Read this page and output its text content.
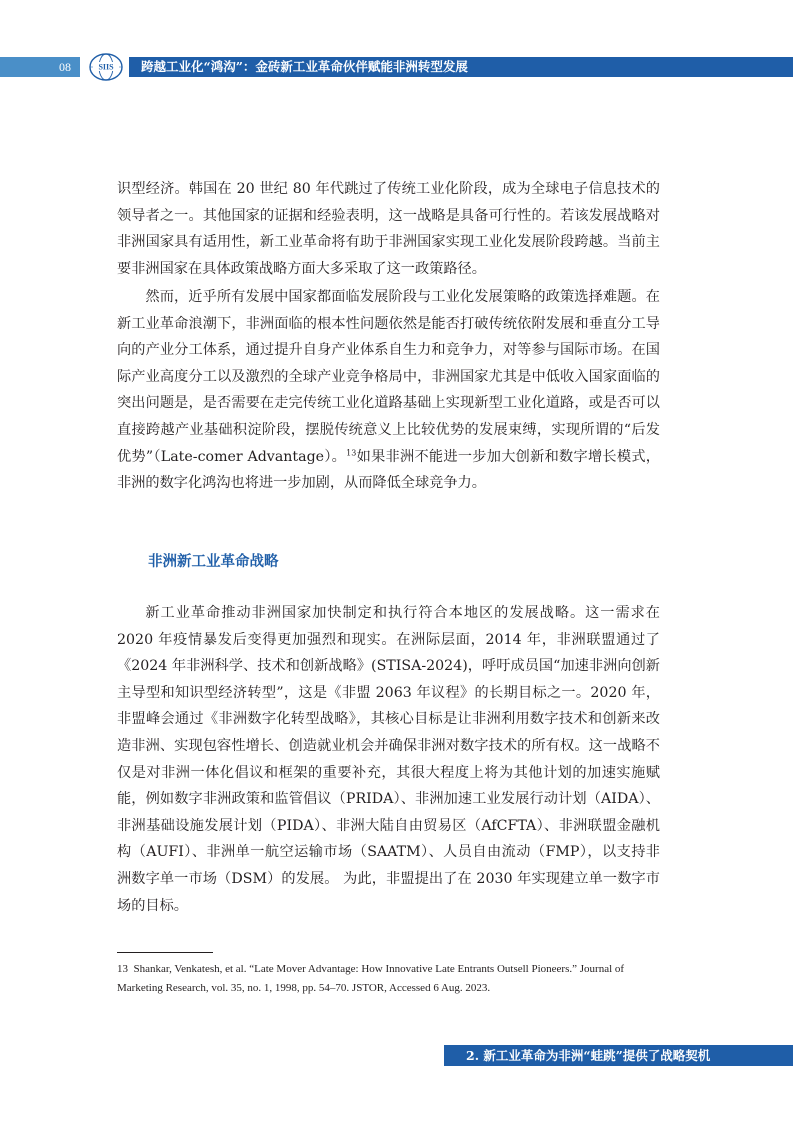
08	SIIS	跨越工业化“鸿沟”：金砖新工业革命伙伴赋能非洲转型发展

识型经济。韩国在 20 世纪 80 年代跳过了传统工业化阶段，成为全球电子信息技术的领导者之一。其他国家的证据和经验表明，这一战略是具备可行性的。若该发展战略对非洲国家具有适用性，新工业革命将有助于非洲国家实现工业化发展阶段跨越。当前主要非洲国家在具体政策战略方面大多采取了这一政策路径。

然而，近乎所有发展中国家都面临发展阶段与工业化发展策略的政策选择难题。在新工业革命浪潮下，非洲面临的根本性问题依然是能否打破传统依附发展和垂直分工导向的产业分工体系，通过提升自身产业体系自生力和竞争力，对等参与国际市场。在国际产业高度分工以及激烈的全球产业竞争格局中，非洲国家尤其是中低收入国家面临的突出问题是，是否需要在走完传统工业化道路基础上实现新型工业化道路，或是否可以直接跨越产业基础积淀阶段，摆脱传统意义上比较优势的发展束缚，实现所谓的“后发优势”（Late-comer Advantage）。$^{13}$如果非洲不能进一步加大创新和数字增长模式，非洲的数字化鸿沟也将进一步加剧，从而降低全球竞争力。

非洲新工业革命战略

新工业革命推动非洲国家加快制定和执行符合本地区的发展战略。这一需求在 2020 年疫情暴发后变得更加强烈和现实。在洲际层面，2014 年，非洲联盟通过了《2024 年非洲科学、技术和创新战略》(STISA-2024)，呼吁成员国“加速非洲向创新主导型和知识型经济转型”，这是《非盟 2063 年议程》的长期目标之一。2020 年，非盟峰会通过《非洲数字化转型战略》，其核心目标是让非洲利用数字技术和创新来改造非洲、实现包容性增长、创造就业机会并确保非洲对数字技术的所有权。这一战略不仅是对非洲一体化倡议和框架的重要补充，其很大程度上将为其他计划的加速实施赋能，例如数字非洲政策和监管倡议（PRIDA）、非洲加速工业发展行动计划（AIDA）、非洲基础设施发展计划（PIDA）、非洲大陆自由贸易区（AfCFTA）、非洲联盟金融机构（AUFI）、非洲单一航空运输市场（SAATM）、人员自由流动（FMP），以支持非洲数字单一市场（DSM）的发展。 为此，非盟提出了在 2030 年实现建立单一数字市场的目标。

13 Shankar, Venkatesh, et al. “Late Mover Advantage: How Innovative Late Entrants Outsell Pioneers.” Journal of Marketing Research, vol. 35, no. 1, 1998, pp. 54–70. JSTOR, Accessed 6 Aug. 2023.

2. 新工业革命为非洲“蛙跳”提供了战略契机
